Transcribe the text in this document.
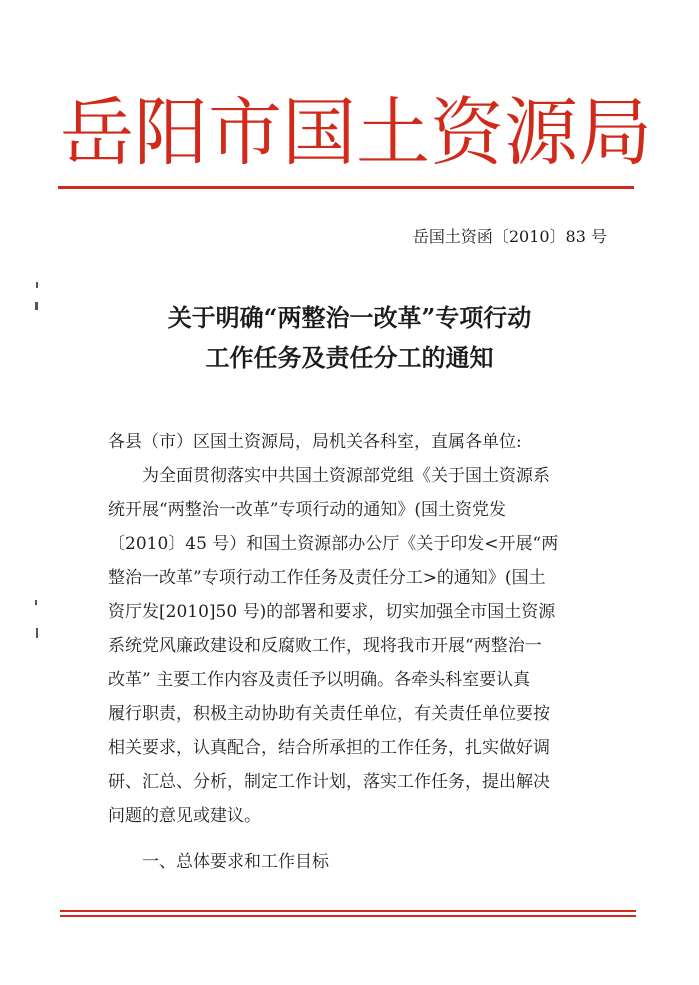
岳 阳 市 国 土 资 源 局
岳国土资函〔2010〕83 号
关于明确“两整治一改革”专项行动
工作任务及责任分工的通知
各县（市）区国土资源局，局机关各科室，直属各单位:
为全面贯彻落实中共国土资源部党组《关于国土资源系
统开展“两整治一改革”专项行动的通知》(国土资党发
〔2010〕45 号）和国土资源部办公厅《关于印发<开展“两
整治一改革”专项行动工作任务及责任分工>的通知》(国土
资厅发[2010]50 号)的部署和要求，切实加强全市国土资源
系统党风廉政建设和反腐败工作，现将我市开展“两整治一
改革” 主要工作内容及责任予以明确。各牵头科室要认真
履行职责，积极主动协助有关责任单位，有关责任单位要按
相关要求，认真配合，结合所承担的工作任务，扎实做好调
研、汇总、分析，制定工作计划，落实工作任务，提出解决
问题的意见或建议。
一、总体要求和工作目标
